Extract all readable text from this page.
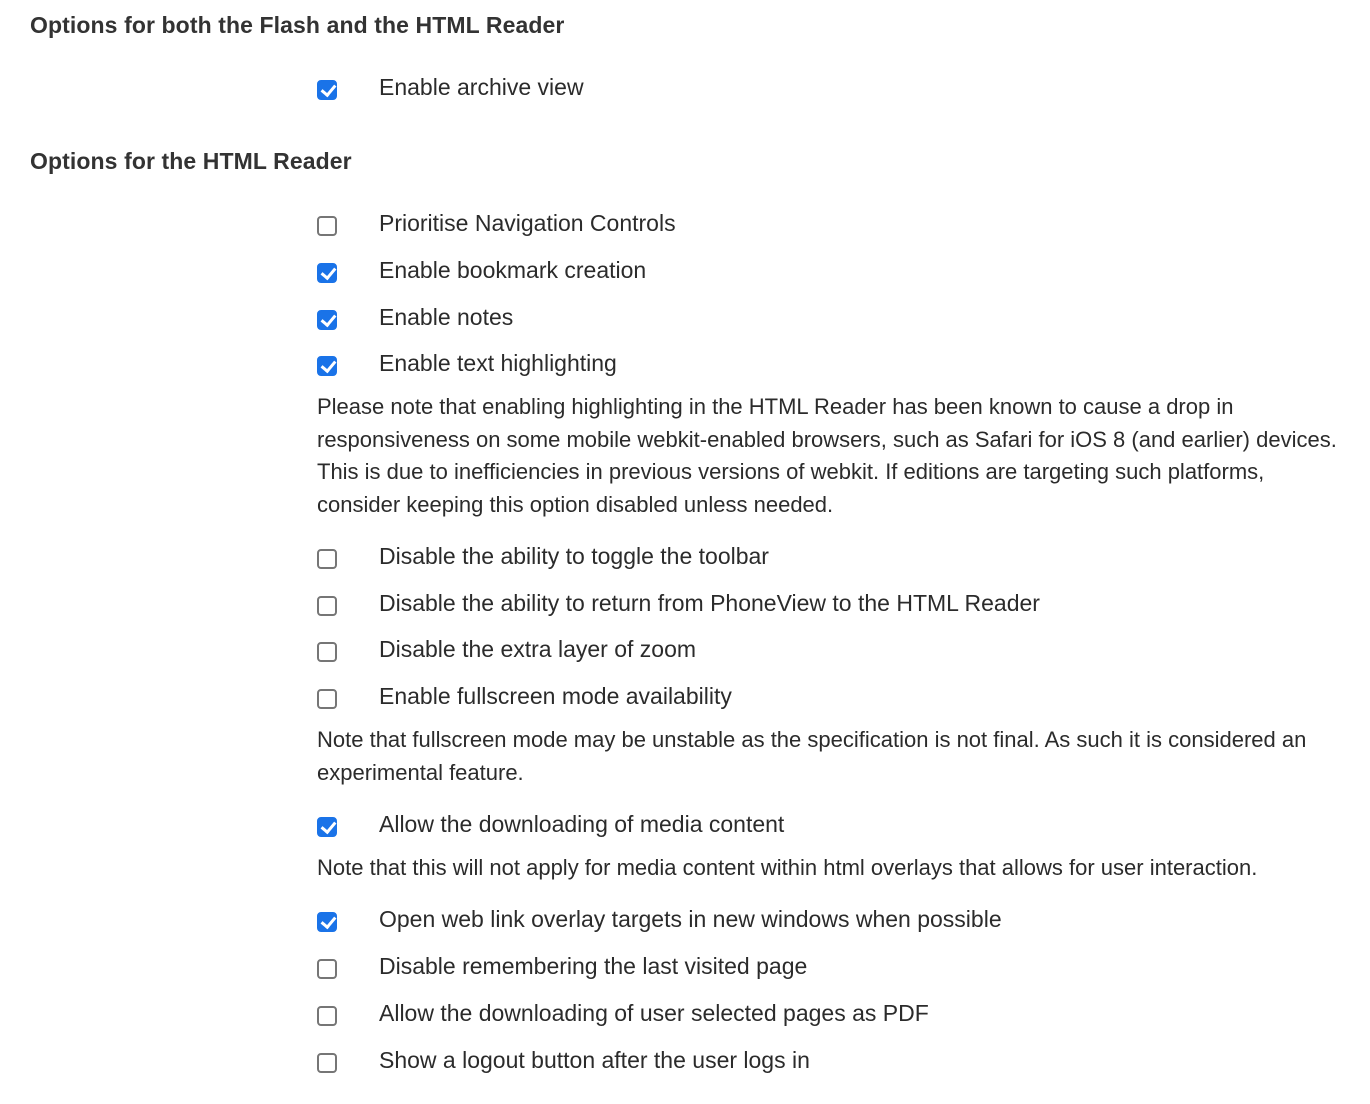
Options for both the Flash and the HTML Reader
Enable archive view
Options for the HTML Reader
Prioritise Navigation Controls
Enable bookmark creation
Enable notes
Enable text highlighting

Please note that enabling highlighting in the HTML Reader has been known to cause a drop in responsiveness on some mobile webkit-enabled browsers, such as Safari for iOS 8 (and earlier) devices. This is due to inefficiencies in previous versions of webkit. If editions are targeting such platforms, consider keeping this option disabled unless needed.

Disable the ability to toggle the toolbar
Disable the ability to return from PhoneView to the HTML Reader
Disable the extra layer of zoom
Enable fullscreen mode availability

Note that fullscreen mode may be unstable as the specification is not final. As such it is considered an experimental feature.

Allow the downloading of media content

Note that this will not apply for media content within html overlays that allows for user interaction.

Open web link overlay targets in new windows when possible
Disable remembering the last visited page
Allow the downloading of user selected pages as PDF
Show a logout button after the user logs in
